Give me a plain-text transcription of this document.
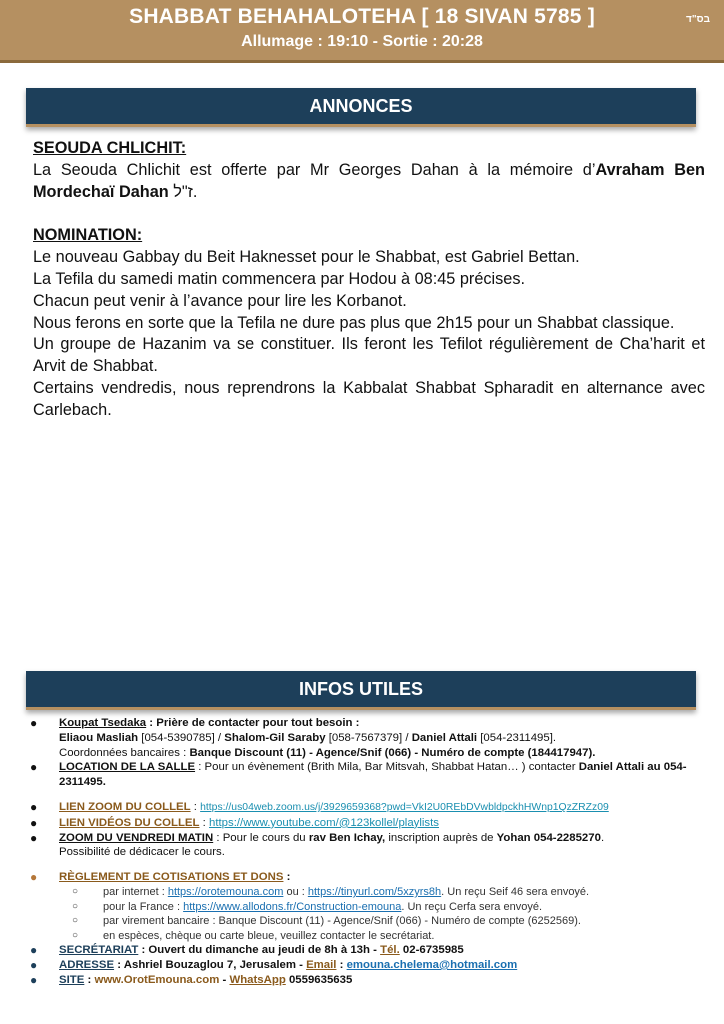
SHABBAT BEHAHALOTEHA [ 18 SIVAN 5785 ]
Allumage : 19:10 - Sortie : 20:28
בס"ד
ANNONCES

SEOUDA CHLICHIT:

La Seouda Chlichit est offerte par Mr Georges Dahan à la mémoire d’Avraham Ben Mordechaï Dahan ז"ל.

NOMINATION:

Le nouveau Gabbay du Beit Haknesset pour le Shabbat, est Gabriel Bettan.

La Tefila du samedi matin commencera par Hodou à 08:45 précises.

Chacun peut venir à l’avance pour lire les Korbanot.

Nous ferons en sorte que la Tefila ne dure pas plus que 2h15 pour un Shabbat classique.

Un groupe de Hazanim va se constituer. Ils feront les Tefilot régulièrement de Cha’harit et Arvit de Shabbat.

Certains vendredis, nous reprendrons la Kabbalat Shabbat Spharadit en alternance avec Carlebach.

INFOS UTILES
● Koupat Tsedaka : Prière de contacter pour tout besoin :
Eliaou Masliah [054-5390785] / Shalom-Gil Saraby [058-7567379] / Daniel Attali [054-2311495].
Coordonnées bancaires : Banque Discount (11) - Agence/Snif (066) - Numéro de compte (184417947).
● LOCATION DE LA SALLE : Pour un évènement (Brith Mila, Bar Mitsvah, Shabbat Hatan… ) contacter Daniel Attali au 054-2311495.
● LIEN ZOOM DU COLLEL : https://us04web.zoom.us/j/3929659368?pwd=VkI2U0REbDVwbldpckhHWnp1QzZRZz09
● LIEN VIDÉOS DU COLLEL : https://www.youtube.com/@123kollel/playlists
● ZOOM DU VENDREDI MATIN : Pour le cours du rav Ben Ichay, inscription auprès de Yohan 054-2285270.
Possibilité de dédicacer le cours.
● RÈGLEMENT DE COTISATIONS ET DONS :
○ par internet : https://orotemouna.com ou : https://tinyurl.com/5xzyrs8h. Un reçu Seif 46 sera envoyé.
○ pour la France : https://www.allodons.fr/Construction-emouna. Un reçu Cerfa sera envoyé.
○ par virement bancaire : Banque Discount (11) - Agence/Snif (066) - Numéro de compte (6252569).
○ en espèces, chèque ou carte bleue, veuillez contacter le secrétariat.
● SECRÉTARIAT : Ouvert du dimanche au jeudi de 8h à 13h - Tél. 02-6735985
● ADRESSE : Ashriel Bouzaglou 7, Jerusalem - Email : emouna.chelema@hotmail.com
● SITE : www.OrotEmouna.com - WhatsApp 0559635635
